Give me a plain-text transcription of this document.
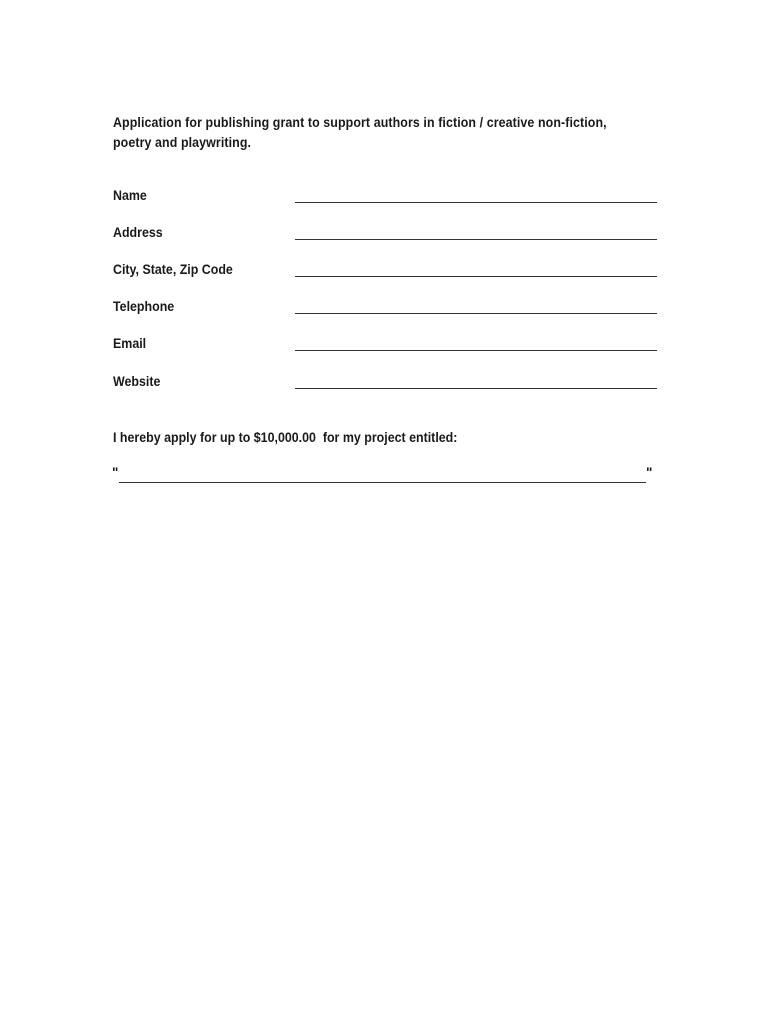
Application for publishing grant to support authors in fiction / creative non-fiction,
poetry and playwriting.
Name
Address
City, State, Zip Code
Telephone
Email
Website
I hereby apply for up to $10,000.00  for my project entitled:
"	"
